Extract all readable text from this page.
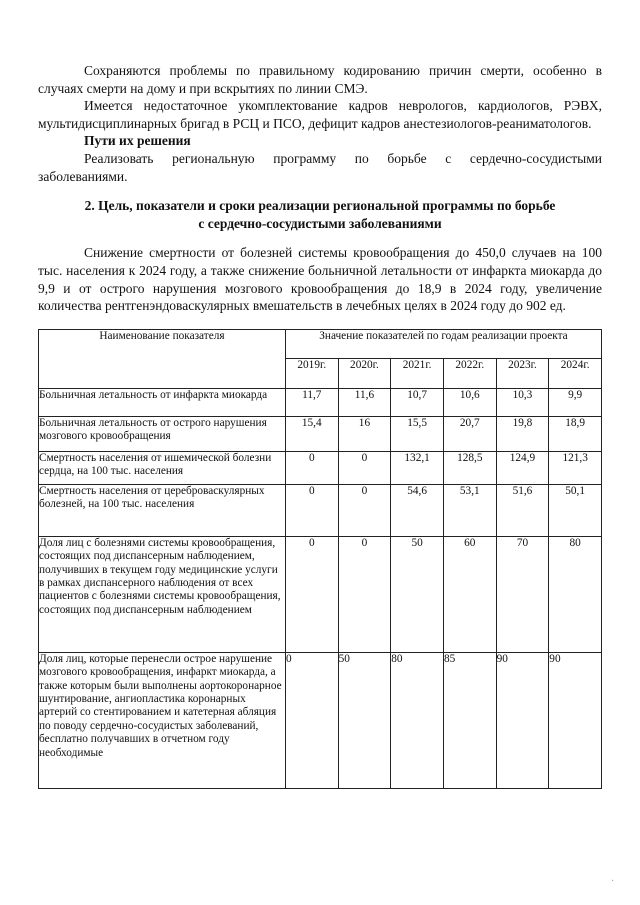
Сохраняются проблемы по правильному кодированию причин смерти, особенно в случаях смерти на дому и при вскрытиях по линии СМЭ.

Имеется недостаточное укомплектование кадров неврологов, кардиологов, РЭВХ, мультидисциплинарных бригад в РСЦ и ПСО, дефицит кадров анестезиологов-реаниматологов.

Пути их решения

Реализовать региональную программу по борьбе с сердечно-сосудистыми заболеваниями.

2. Цель, показатели и сроки реализации региональной программы по борьбе
с сердечно-сосудистыми заболеваниями

Снижение смертности от болезней системы кровообращения до 450,0 случаев на 100 тыс. населения к 2024 году, а также снижение больничной летальности от инфаркта миокарда до 9,9 и от острого нарушения мозгового кровообращения до 18,9 в 2024 году, увеличение количества рентгенэндоваскулярных вмешательств в лечебных целях в 2024 году до 902 ед.

Наименование показателя	Значение показателей по годам реализации проекта					
	2019г.	2020г.	2021г.	2022г.	2023г.	2024г.
Больничная летальность от инфаркта миокарда	11,7	11,6	10,7	10,6	10,3	9,9
Больничная летальность от острого нарушения мозгового кровообращения	15,4	16	15,5	20,7	19,8	18,9
Смертность населения от ишемической болезни сердца, на 100 тыс. населения	0	0	132,1	128,5	124,9	121,3
Смертность населения от цереброваскулярных болезней, на 100 тыс. населения	0	0	54,6	53,1	51,6	50,1
Доля лиц с болезнями системы кровообращения, состоящих под диспансерным наблюдением, получивших в текущем году медицинские услуги в рамках диспансерного наблюдения от всех пациентов с болезнями системы кровообращения, состоящих под диспансерным наблюдением	0	0	50	60	70	80
Доля лиц, которые перенесли острое нарушение мозгового кровообращения, инфаркт миокарда, а также которым были выполнены аортокоронарное шунтирование, ангиопластика коронарных артерий со стентированием и катетерная абляция по поводу сердечно-сосудистых заболеваний, бесплатно получавших в отчетном году необходимые	0	50	80	85	90	90
·
